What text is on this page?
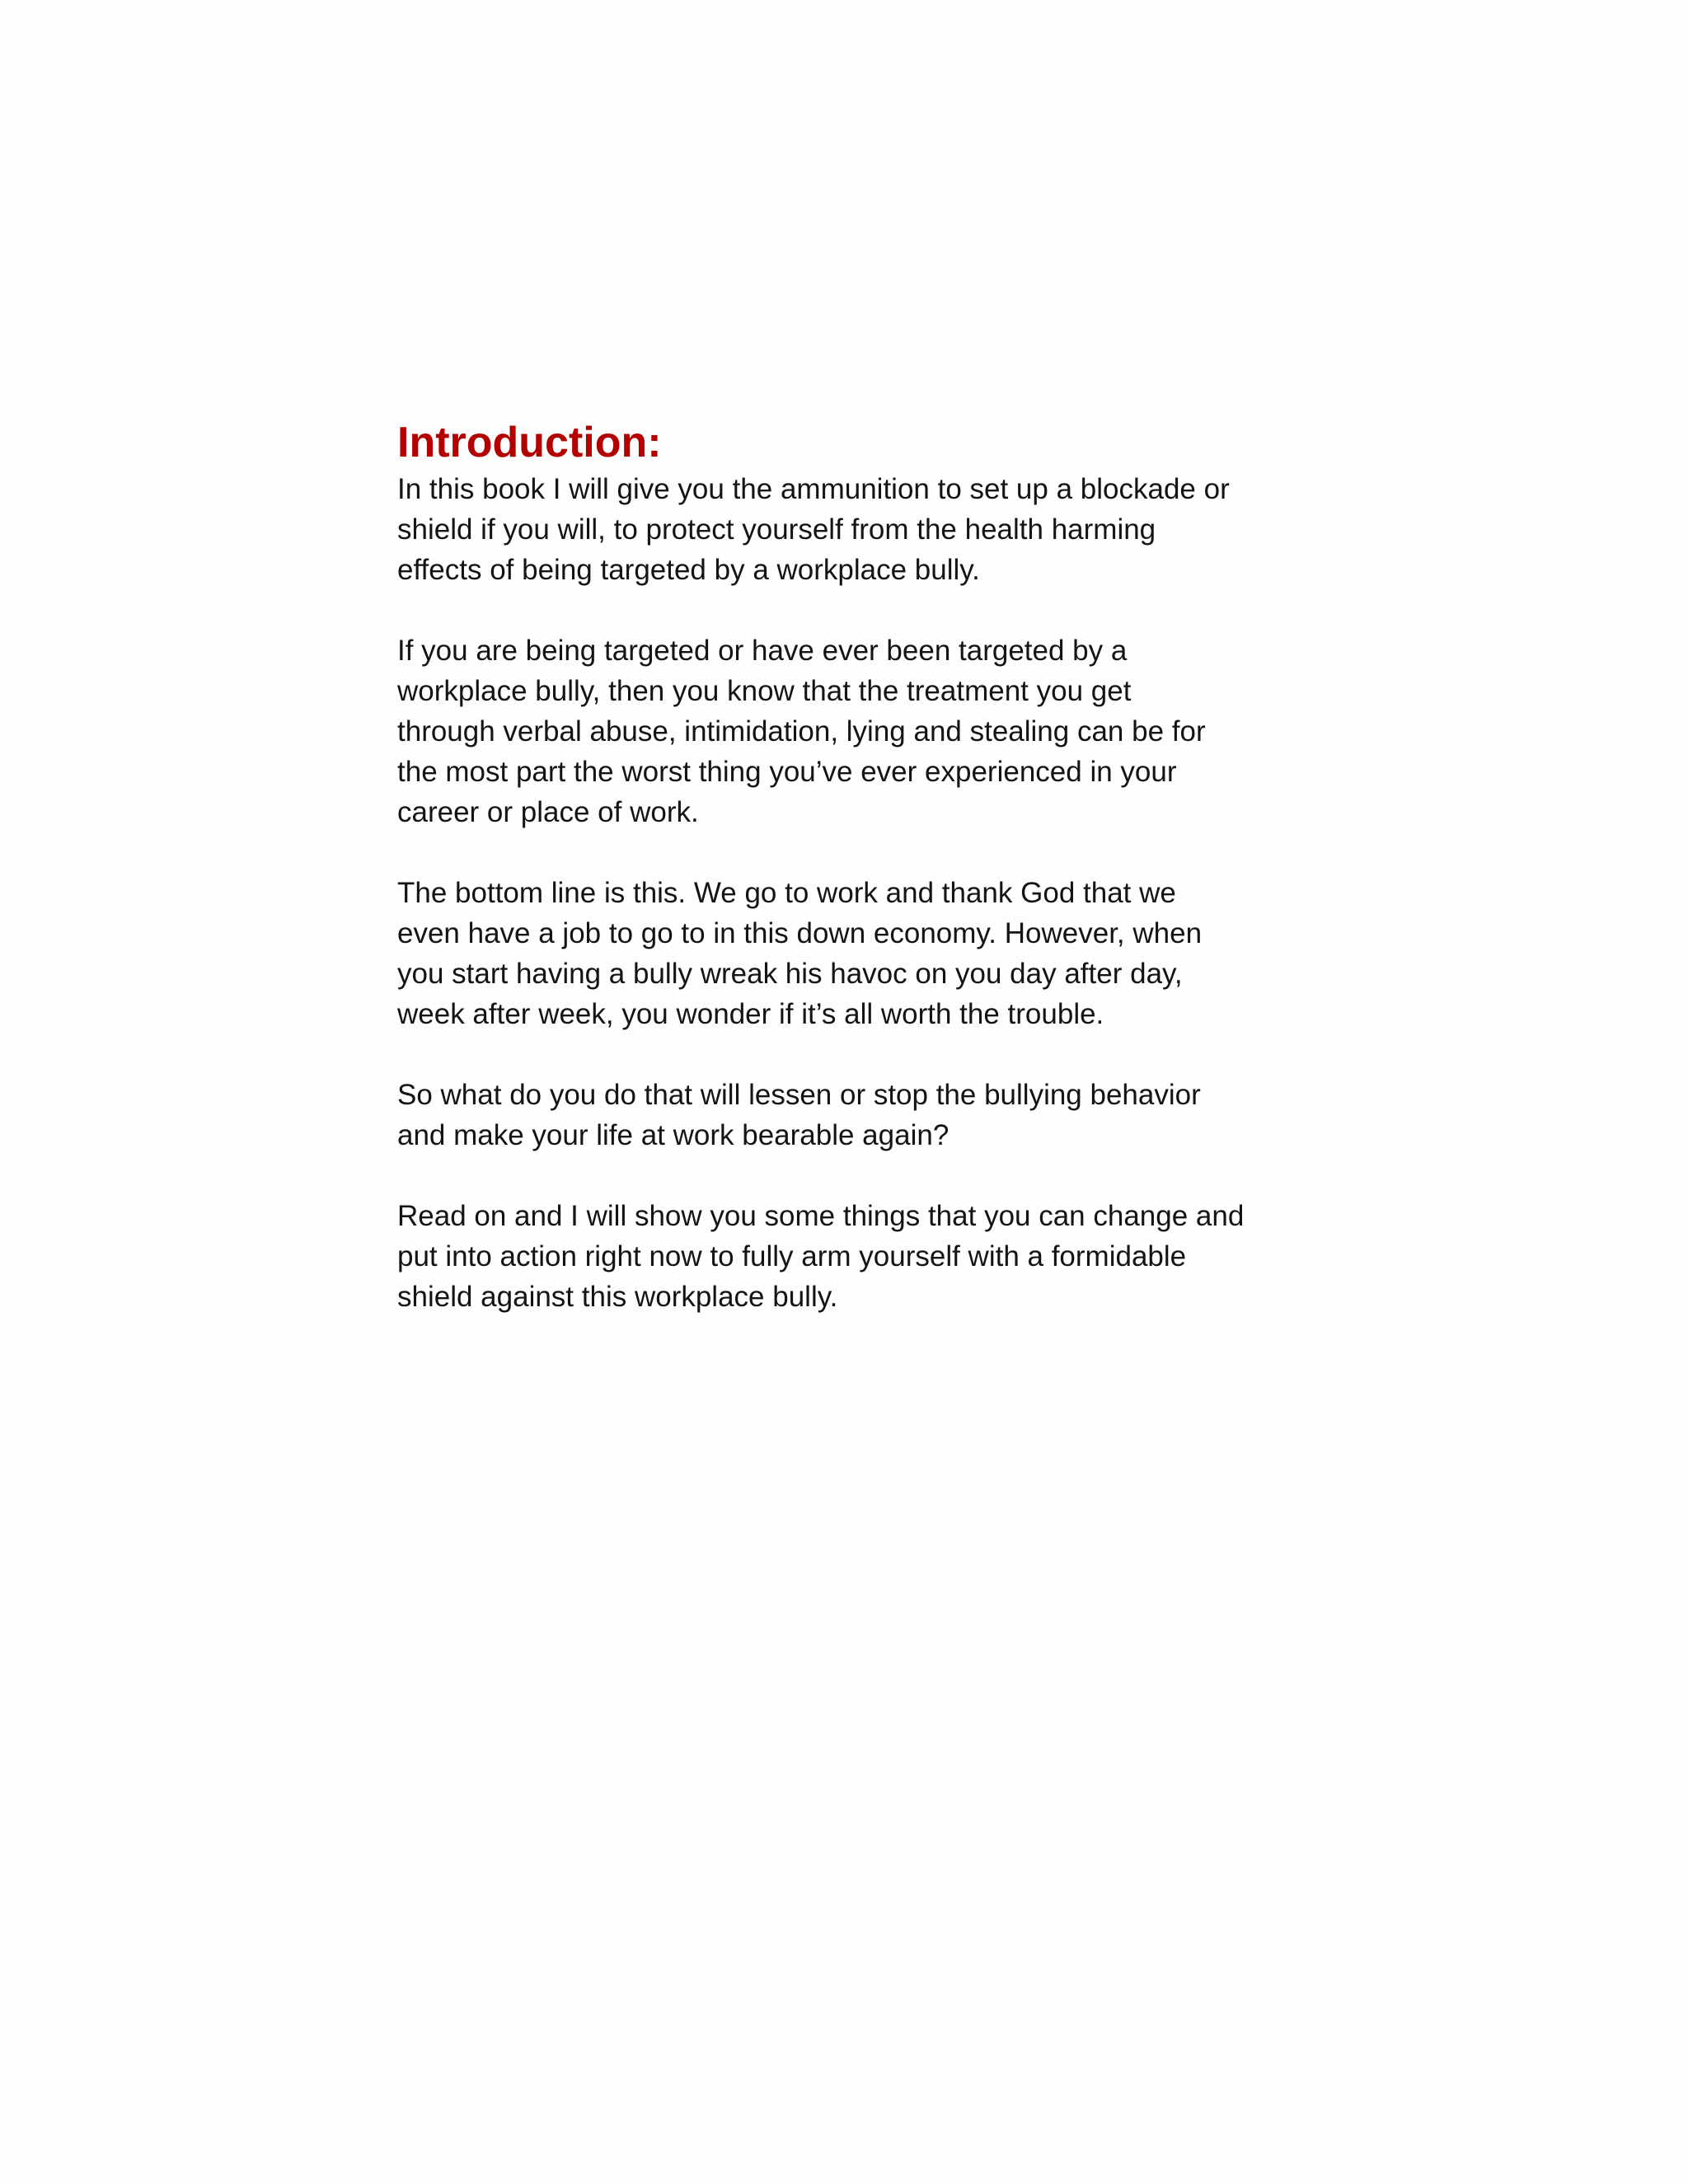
Introduction:

In this book I will give you the ammunition to set up a blockade or
shield if you will, to protect yourself from the health harming
effects of being targeted by a workplace bully.

If you are being targeted or have ever been targeted by a
workplace bully, then you know that the treatment you get
through verbal abuse, intimidation, lying and stealing can be for
the most part the worst thing you’ve ever experienced in your
career or place of work.

The bottom line is this. We go to work and thank God that we
even have a job to go to in this down economy. However, when
you start having a bully wreak his havoc on you day after day,
week after week, you wonder if it’s all worth the trouble.

So what do you do that will lessen or stop the bullying behavior
and make your life at work bearable again?

Read on and I will show you some things that you can change and
put into action right now to fully arm yourself with a formidable
shield against this workplace bully.
